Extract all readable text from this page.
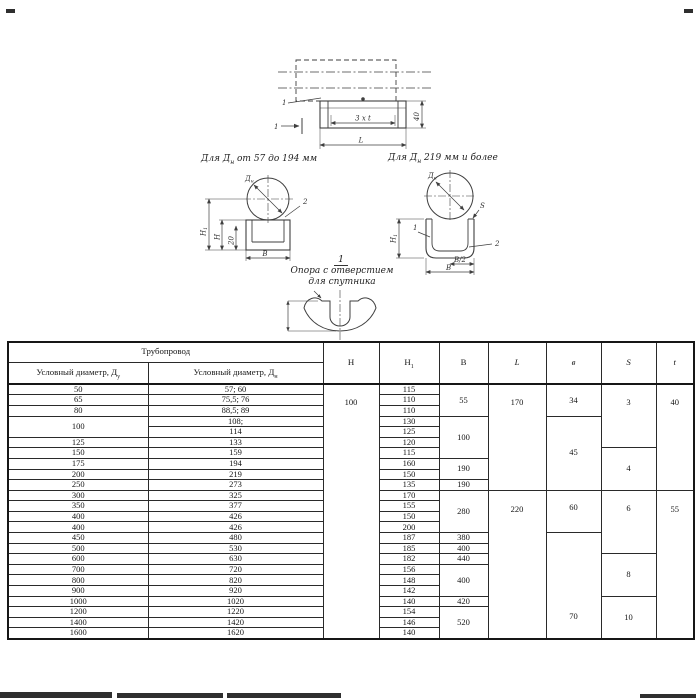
3 x t
L
40
1
1
Для $Д_н$ от 57 до 194 мм
$Д_н$
2
$H_1$
H 20
В
Для $Д_н$ 219 мм и более
$Д_н$
S
1
2
В/2
В
$H_1$
1
Опора с отверстием
для спутника
Трубопровод		H	$H_1$	B	L	в	S	t
Условный диаметр, $Д_у$	Условный диаметр, $Д_н$
50	57; 60	100	115	55	170	34	3	40
65	75,5; 76		110					
80	88,5; 89		110					
100	108;		130	100		45		
	114		125					
125	133		120					
150	159		115				4	
175	194		160	190				
200	219		150					
250	273		135	190				
300	325		170	280	220	60	6	55
350	377		155					
400	426		150					
400	426		200					
450	480		187	380		70		
500	530		185	400				
600	630		182	440			8	
700	720		156	400				
800	820		148					
900	920		142					
1000	1020		140	420			10	
1200	1220		154	520				
1400	1420		146					
1600	1620		140					
